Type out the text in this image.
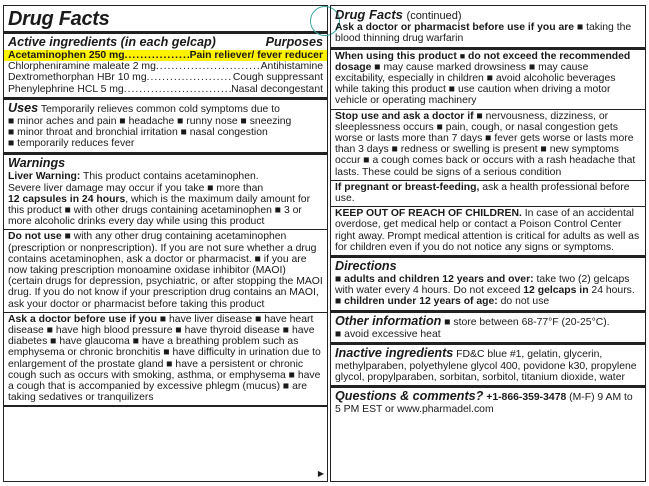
Drug Facts
Active ingredients (in each gelcap)	Purposes
Acetaminophen 250 mg .....	Pain reliever/ fever reducer
Chlorpheniramine maleate 2 mg .....	Antihistamine
Dextromethorphan HBr 10 mg .....	Cough suppressant
Phenylephrine HCL 5 mg .....	Nasal decongestant
Uses Temporarily relieves common cold symptoms due to
■ minor aches and pain ■ headache ■ runny nose ■ sneezing
■ minor throat and bronchial irritation ■ nasal congestion
■ temporarily reduces fever
Warnings

Liver Warning: This product contains acetaminophen.
Severe liver damage may occur if you take ■ more than
12 capsules in 24 hours, which is the maximum daily amount for this product ■ with other drugs containing acetaminophen ■ 3 or more alcoholic drinks every day while using this product

Do not use ■ with any other drug containing acetaminophen (prescription or nonprescription). If you are not sure whether a drug contains acetaminophen, ask a doctor or pharmacist. ■ if you are now taking prescription monoamine oxidase inhibitor (MAOI) (certain drugs for depression, psychiatric, or after stopping the MAOI drug. If you do not know if your prescription drug contains an MAOI, ask your doctor or pharmacist before taking this product

Ask a doctor before use if you ■ have liver disease ■ have heart disease ■ have high blood pressure ■ have thyroid disease ■ have diabetes ■ have glaucoma ■ have a breathing problem such as emphysema or chronic bronchitis ■ have difficulty in urination due to enlargement of the prostate gland ■ have a persistent or chronic cough such as occurs with smoking, asthma, or emphysema ■ have a cough that is accompanied by excessive phlegm (mucus) ■ are taking sedatives or tranquilizers

▶
Drug Facts (continued)

Ask a doctor or pharmacist before use if you are ■ taking the blood thinning drug warfarin

When using this product ■ do not exceed the recommended dosage ■ may cause marked drowsiness ■ may cause excitability, especially in children ■ avoid alcoholic beverages while taking this product ■ use caution when driving a motor vehicle or operating machinery

Stop use and ask a doctor if ■ nervousness, dizziness, or sleeplessness occurs ■ pain, cough, or nasal congestion gets worse or lasts more than 7 days ■ fever gets worse or lasts more than 3 days ■ redness or swelling is present ■ new symptoms occur ■ a cough comes back or occurs with a rash headache that lasts. These could be signs of a serious condition

If pregnant or breast-feeding, ask a health professional before use.

KEEP OUT OF REACH OF CHILDREN. In case of an accidental overdose, get medical help or contact a Poison Control Center right away. Prompt medical attention is critical for adults as well as for children even if you do not notice any signs or symptoms.

Directions

■ adults and children 12 years and over: take two (2) gelcaps with water every 4 hours. Do not exceed 12 gelcaps in 24 hours. ■ children under 12 years of age: do not use

Other information ■ store between 68-77°F (20-25°C).
■ avoid excessive heat

Inactive ingredients FD&C blue #1, gelatin, glycerin, methylparaben, polyethylene glycol 400, povidone k30, propylene glycol, propylparaben, sorbitan, sorbitol, titanium dioxide, water

Questions & comments? +1-866-359-3478 (M-F) 9 AM to 5 PM EST or www.pharmadel.com
